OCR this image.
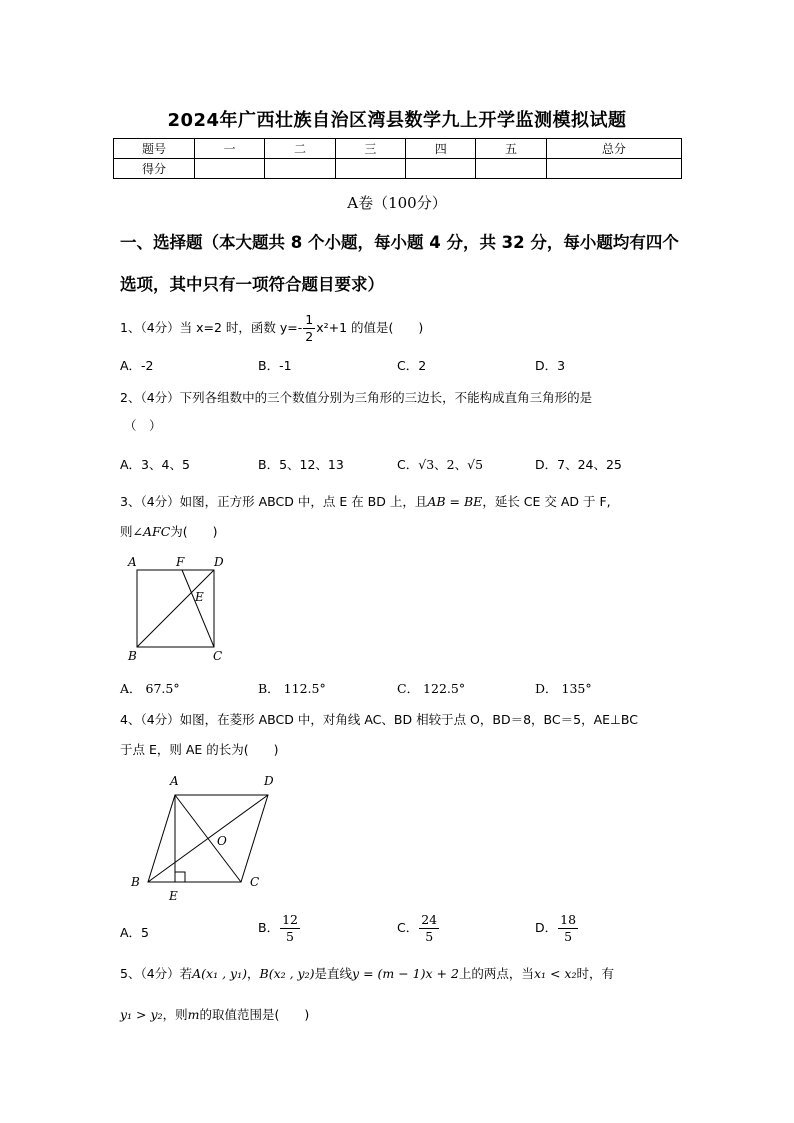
2024年广西壮族自治区湾县数学九上开学监测模拟试题
题号	一	二	三	四	五	总分
得分						
A卷（100分）
一、选择题（本大题共 8 个小题，每小题 4 分，共 32 分，每小题均有四个选项，其中只有一项符合题目要求）
1、（4分）当 x=2 时，函数 $y=- \frac{1}{2} x^2+1$ 的值是(　　)
A．-2	B．-1	C．2	D．3
2、（4分）下列各组数中的三个数值分别为三角形的三边长，不能构成直角三角形的是
（　）
A．3、4、5	B．5、12、13	C．√3、2、√5	D．7、24、25
3、（4分）如图，正方形 ABCD 中，点 E 在 BD 上，且AB = BE，延长 CE 交 AD 于 F,
则∠AFC为(　　)
A	F D
E
B	C
A． 67.5°	B． 112.5°	C． 122.5°	D． 135°
4、（4分）如图，在菱形 ABCD 中，对角线 AC、BD 相较于点 O，BD＝8，BC＝5，AE⊥BC
于点 E，则 AE 的长为(　　)
A	D
O
B
E
C
A．5	B． $\frac{12}{5}$	C． $\frac{24}{5}$	D． $\frac{18}{5}$
5、（4分）若A(x₁ , y₁)，B(x₂ , y₂)是直线y = (m − 1)x + 2上的两点，当x₁ < x₂时，有
y₁ > y₂，则m的取值范围是(　　)
